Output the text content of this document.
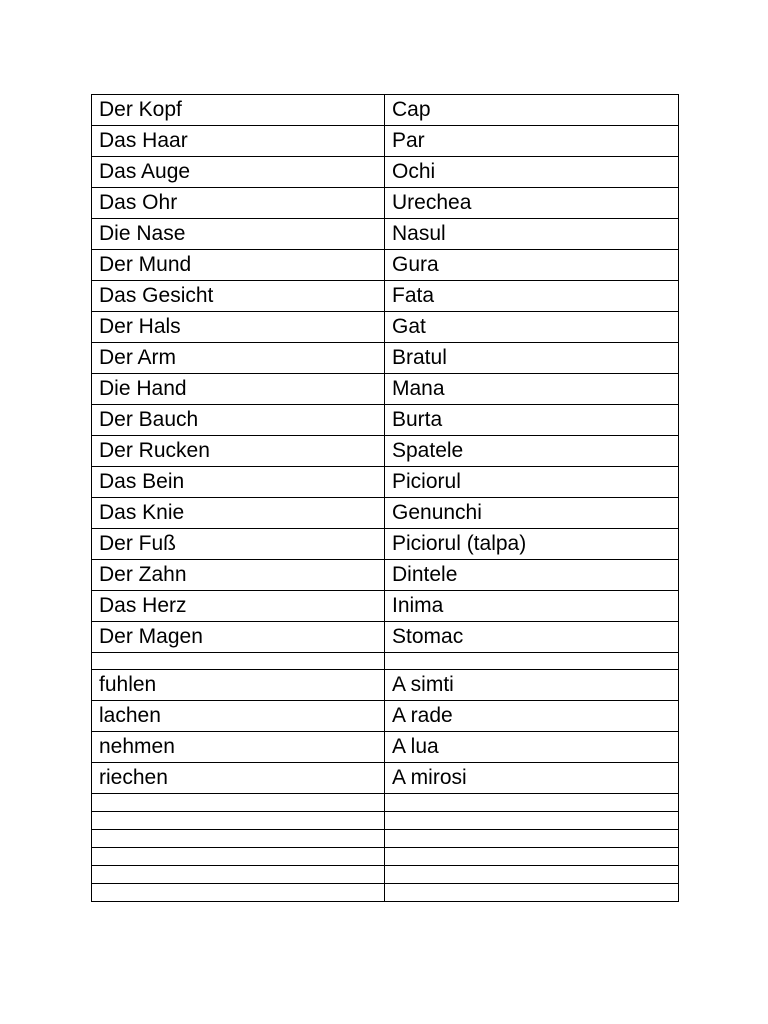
Der Kopf	Cap
Das Haar	Par
Das Auge	Ochi
Das Ohr	Urechea
Die Nase	Nasul
Der Mund	Gura
Das Gesicht	Fata
Der Hals	Gat
Der Arm	Bratul
Die Hand	Mana
Der Bauch	Burta
Der Rucken	Spatele
Das Bein	Piciorul
Das Knie	Genunchi
Der Fuß	Piciorul (talpa)
Der Zahn	Dintele
Das Herz	Inima
Der Magen	Stomac

fuhlen	A simti
lachen	A rade
nehmen	A lua
riechen	A mirosi
